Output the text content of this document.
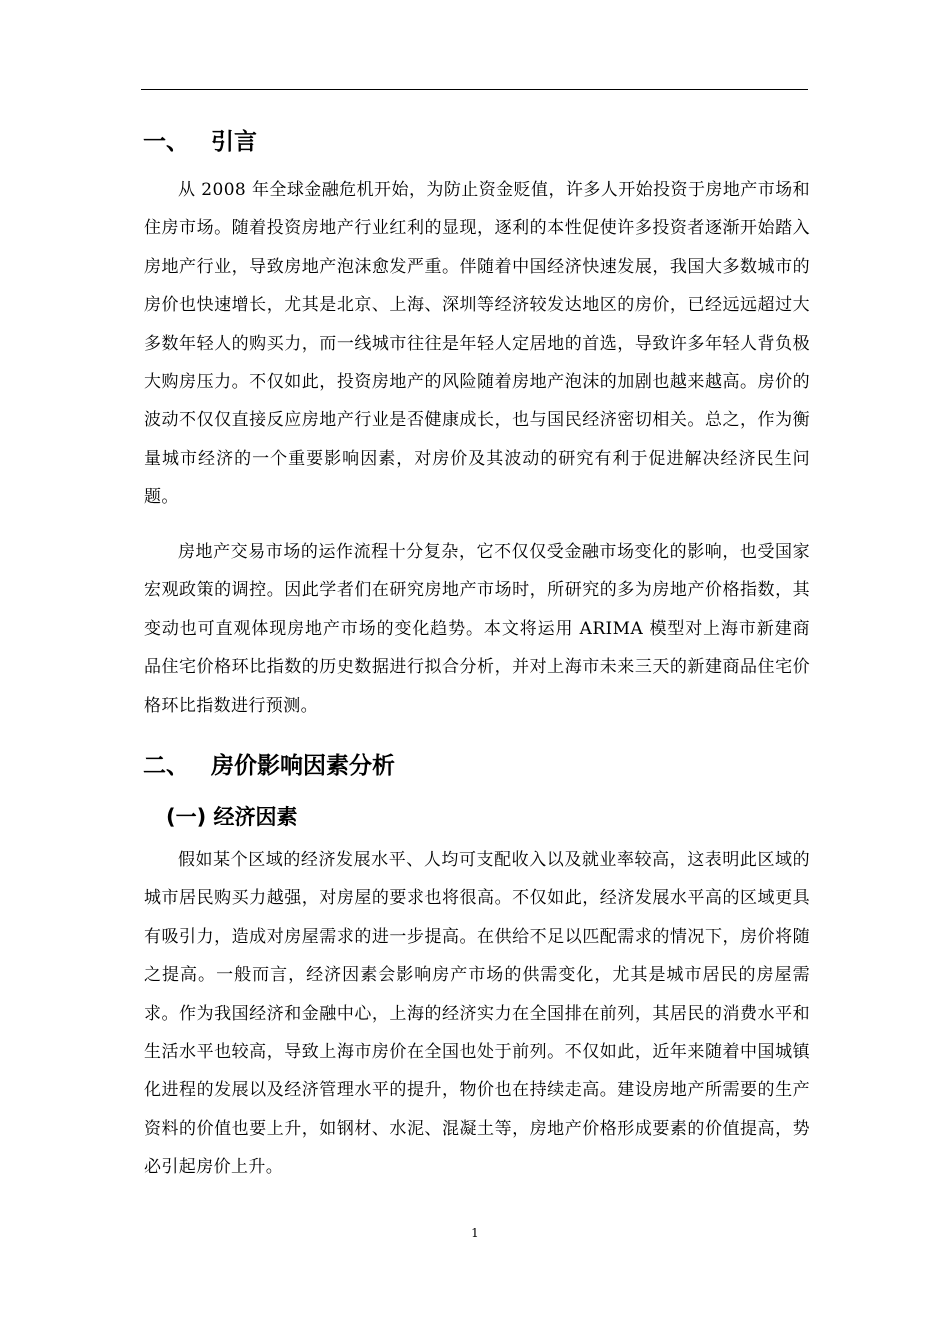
一、 引言

从 2008 年全球金融危机开始，为防止资金贬值，许多人开始投资于房地产市场和住房市场。随着投资房地产行业红利的显现，逐利的本性促使许多投资者逐渐开始踏入房地产行业，导致房地产泡沫愈发严重。伴随着中国经济快速发展，我国大多数城市的房价也快速增长，尤其是北京、上海、深圳等经济较发达地区的房价，已经远远超过大多数年轻人的购买力，而一线城市往往是年轻人定居地的首选，导致许多年轻人背负极大购房压力。不仅如此，投资房地产的风险随着房地产泡沫的加剧也越来越高。房价的波动不仅仅直接反应房地产行业是否健康成长，也与国民经济密切相关。总之，作为衡量城市经济的一个重要影响因素，对房价及其波动的研究有利于促进解决经济民生问题。

房地产交易市场的运作流程十分复杂，它不仅仅受金融市场变化的影响，也受国家宏观政策的调控。因此学者们在研究房地产市场时，所研究的多为房地产价格指数，其变动也可直观体现房地产市场的变化趋势。本文将运用 ARIMA 模型对上海市新建商品住宅价格环比指数的历史数据进行拟合分析，并对上海市未来三天的新建商品住宅价格环比指数进行预测。

二、 房价影响因素分析
(一) 经济因素

假如某个区域的经济发展水平、人均可支配收入以及就业率较高，这表明此区域的城市居民购买力越强，对房屋的要求也将很高。不仅如此，经济发展水平高的区域更具有吸引力，造成对房屋需求的进一步提高。在供给不足以匹配需求的情况下，房价将随之提高。一般而言，经济因素会影响房产市场的供需变化，尤其是城市居民的房屋需求。作为我国经济和金融中心，上海的经济实力在全国排在前列，其居民的消费水平和生活水平也较高，导致上海市房价在全国也处于前列。不仅如此，近年来随着中国城镇化进程的发展以及经济管理水平的提升，物价也在持续走高。建设房地产所需要的生产资料的价值也要上升，如钢材、水泥、混凝土等，房地产价格形成要素的价值提高，势必引起房价上升。

1
